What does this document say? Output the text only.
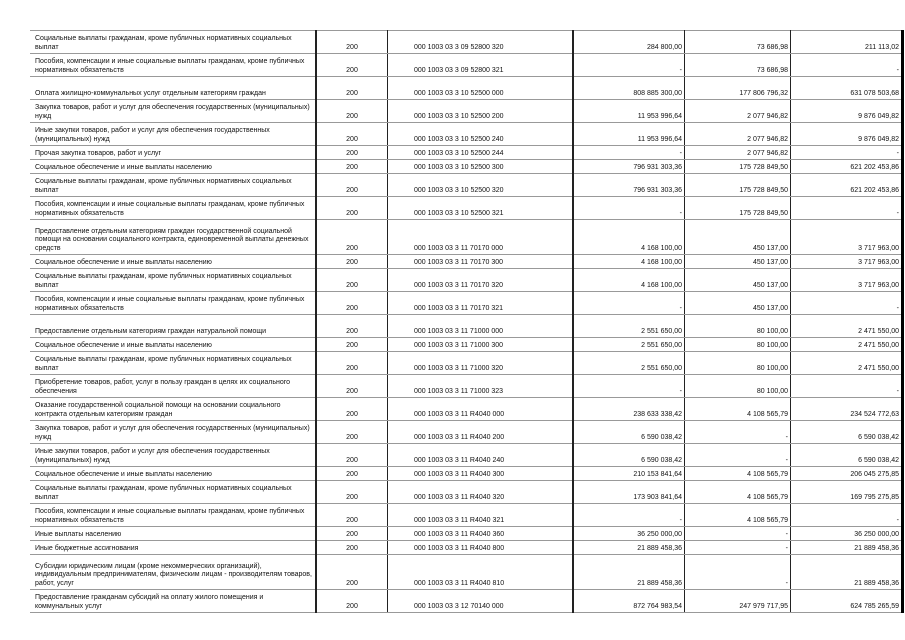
Социальные выплаты гражданам, кроме публичных нормативных социальных выплат	200	000 1003 03 3 09 52800 320	284 800,00	73 686,98	211 113,02

Пособия, компенсации и иные социальные выплаты гражданам, кроме публичных нормативных обязательств	200	000 1003 03 3 09 52800 321	-	73 686,98	-

Оплата жилищно-коммунальных услуг отдельным категориям граждан	200	000 1003 03 3 10 52500 000	808 885 300,00	177 806 796,32	631 078 503,68

Закупка товаров, работ и услуг для обеспечения государственных (муниципальных) нужд	200	000 1003 03 3 10 52500 200	11 953 996,64	2 077 946,82	9 876 049,82

Иные закупки товаров, работ и услуг для обеспечения государственных (муниципальных) нужд	200	000 1003 03 3 10 52500 240	11 953 996,64	2 077 946,82	9 876 049,82

Прочая закупка товаров, работ и услуг	200	000 1003 03 3 10 52500 244	-	2 077 946,82	-

Социальное обеспечение и иные выплаты населению	200	000 1003 03 3 10 52500 300	796 931 303,36	175 728 849,50	621 202 453,86

Социальные выплаты гражданам, кроме публичных нормативных социальных выплат	200	000 1003 03 3 10 52500 320	796 931 303,36	175 728 849,50	621 202 453,86

Пособия, компенсации и иные социальные выплаты гражданам, кроме публичных нормативных обязательств	200	000 1003 03 3 10 52500 321	-	175 728 849,50	-

Предоставление отдельным категориям граждан государственной социальной помощи на основании социального контракта, единовременной выплаты денежных средств	200	000 1003 03 3 11 70170 000	4 168 100,00	450 137,00	3 717 963,00

Социальное обеспечение и иные выплаты населению	200	000 1003 03 3 11 70170 300	4 168 100,00	450 137,00	3 717 963,00

Социальные выплаты гражданам, кроме публичных нормативных социальных выплат	200	000 1003 03 3 11 70170 320	4 168 100,00	450 137,00	3 717 963,00

Пособия, компенсации и иные социальные выплаты гражданам, кроме публичных нормативных обязательств	200	000 1003 03 3 11 70170 321	-	450 137,00	-

Предоставление отдельным категориям граждан натуральной помощи	200	000 1003 03 3 11 71000 000	2 551 650,00	80 100,00	2 471 550,00

Социальное обеспечение и иные выплаты населению	200	000 1003 03 3 11 71000 300	2 551 650,00	80 100,00	2 471 550,00

Социальные выплаты гражданам, кроме публичных нормативных социальных выплат	200	000 1003 03 3 11 71000 320	2 551 650,00	80 100,00	2 471 550,00

Приобретение товаров, работ, услуг в пользу граждан в целях их социального обеспечения	200	000 1003 03 3 11 71000 323	-	80 100,00	-

Оказание государственной социальной помощи на основании социального контракта отдельным категориям граждан	200	000 1003 03 3 11 R4040 000	238 633 338,42	4 108 565,79	234 524 772,63

Закупка товаров, работ и услуг для обеспечения государственных (муниципальных) нужд	200	000 1003 03 3 11 R4040 200	6 590 038,42	-	6 590 038,42

Иные закупки товаров, работ и услуг для обеспечения государственных (муниципальных) нужд	200	000 1003 03 3 11 R4040 240	6 590 038,42	-	6 590 038,42

Социальное обеспечение и иные выплаты населению	200	000 1003 03 3 11 R4040 300	210 153 841,64	4 108 565,79	206 045 275,85

Социальные выплаты гражданам, кроме публичных нормативных социальных выплат	200	000 1003 03 3 11 R4040 320	173 903 841,64	4 108 565,79	169 795 275,85

Пособия, компенсации и иные социальные выплаты гражданам, кроме публичных нормативных обязательств	200	000 1003 03 3 11 R4040 321	-	4 108 565,79	-

Иные выплаты населению	200	000 1003 03 3 11 R4040 360	36 250 000,00	-	36 250 000,00

Иные бюджетные ассигнования	200	000 1003 03 3 11 R4040 800	21 889 458,36	-	21 889 458,36

Субсидии юридическим лицам (кроме некоммерческих организаций), индивидуальным предпринимателям, физическим лицам - производителям товаров, работ, услуг	200	000 1003 03 3 11 R4040 810	21 889 458,36	-	21 889 458,36

Предоставление гражданам субсидий на оплату жилого помещения и коммунальных услуг	200	000 1003 03 3 12 70140 000	872 764 983,54	247 979 717,95	624 785 265,59
